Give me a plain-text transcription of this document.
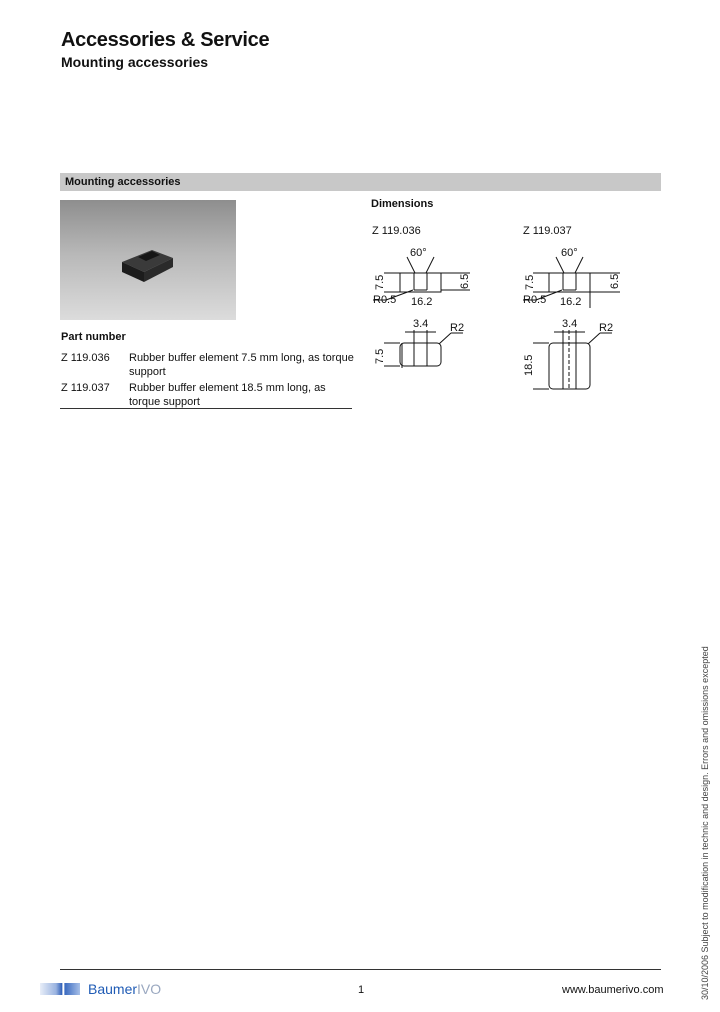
Accessories & Service
Mounting accessories
Mounting accessories
Part number
Z 119.036 Rubber buffer element 7.5 mm long, as torque support
Z 119.037 Rubber buffer element 18.5 mm long, as torque support
Dimensions
Z 119.036
60°
7.5	6.5
R0.5 16.2
3.4 R2
7.5
Z 119.037
60°
7.5	6.5
R0.5 16.2
3.4 R2
18.5
30/10/2006 Subject to modification in technic and design. Errors and omissions excepted
BaumerIVO	1	www.baumerivo.com
